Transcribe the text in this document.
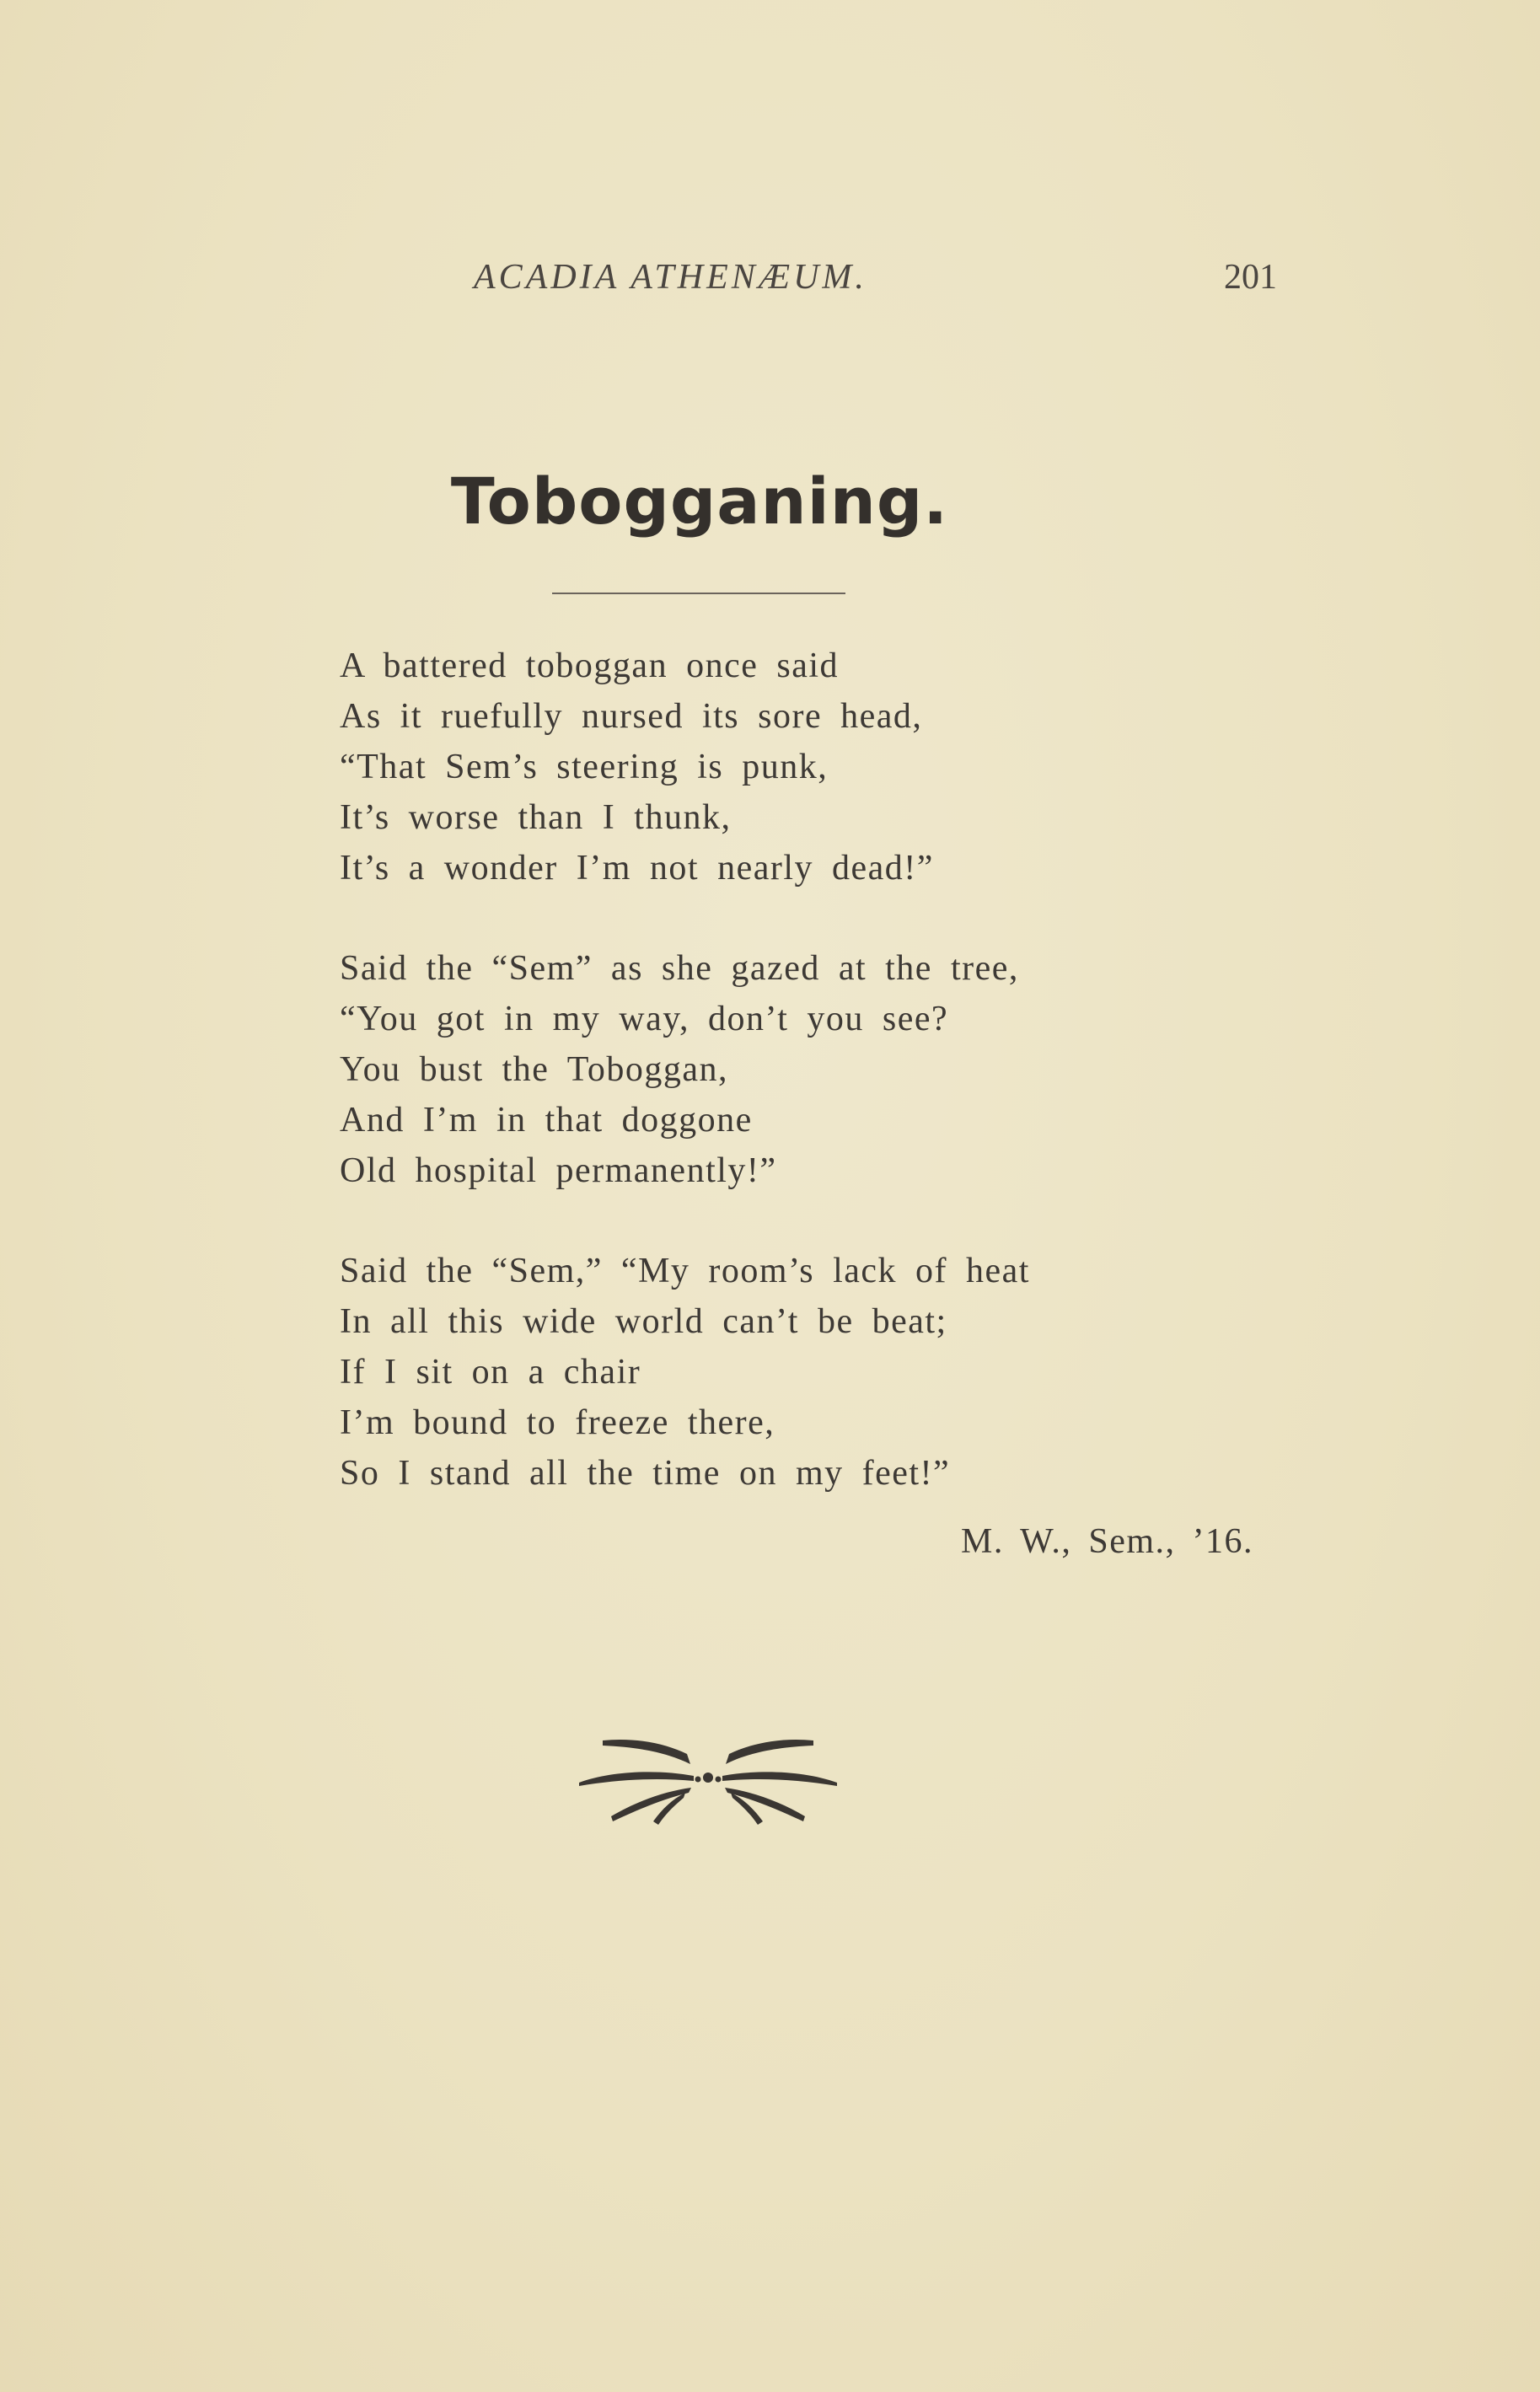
ACADIA ATHENÆUM.	201
Tobogganing.
A battered toboggan once said
As it ruefully nursed its sore head,
“That Sem’s steering is punk,
It’s worse than I thunk,
It’s a wonder I’m not nearly dead!”
Said the “Sem” as she gazed at the tree,
“You got in my way, don’t you see?
You bust the Toboggan,
And I’m in that doggone
Old hospital permanently!”
Said the “Sem,” “My room’s lack of heat
In all this wide world can’t be beat;
If I sit on a chair
I’m bound to freeze there,
So I stand all the time on my feet!”
M. W., Sem., ’16.
